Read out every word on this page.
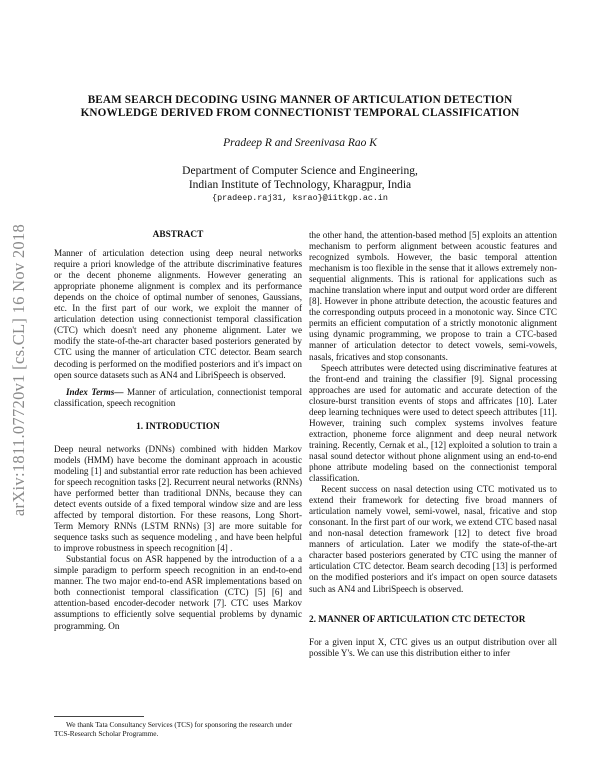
arXiv:1811.07720v1 [cs.CL] 16 Nov 2018
BEAM SEARCH DECODING USING MANNER OF ARTICULATION DETECTION
KNOWLEDGE DERIVED FROM CONNECTIONIST TEMPORAL CLASSIFICATION
Pradeep R and Sreenivasa Rao K
Department of Computer Science and Engineering,
Indian Institute of Technology, Kharagpur, India
{pradeep.raj31, ksrao}@iitkgp.ac.in
ABSTRACT

Manner of articulation detection using deep neural networks require a priori knowledge of the attribute discriminative features or the decent phoneme alignments. However generating an appropriate phoneme alignment is complex and its performance depends on the choice of optimal number of senones, Gaussians, etc. In the first part of our work, we exploit the manner of articulation detection using connectionist temporal classification (CTC) which doesn't need any phoneme alignment. Later we modify the state-of-the-art character based posteriors generated by CTC using the manner of articulation CTC detector. Beam search decoding is performed on the modified posteriors and it's impact on open source datasets such as AN4 and LibriSpeech is observed.

Index Terms— Manner of articulation, connectionist temporal classification, speech recognition

1. INTRODUCTION

Deep neural networks (DNNs) combined with hidden Markov models (HMM) have become the dominant approach in acoustic modeling [1] and substantial error rate reduction has been achieved for speech recognition tasks [2]. Recurrent neural networks (RNNs) have performed better than traditional DNNs, because they can detect events outside of a fixed temporal window size and are less affected by temporal distortion. For these reasons, Long Short-Term Memory RNNs (LSTM RNNs) [3] are more suitable for sequence tasks such as sequence modeling , and have been helpful to improve robustness in speech recognition [4] .

Substantial focus on ASR happened by the introduction of a a simple paradigm to perform speech recognition in an end-to-end manner. The two major end-to-end ASR implementations based on both connectionist temporal classification (CTC) [5] [6] and attention-based encoder-decoder network [7]. CTC uses Markov assumptions to efficiently solve sequential problems by dynamic programming. On

We thank Tata Consultancy Services (TCS) for sponsoring the research under TCS-Research Scholar Programme.

the other hand, the attention-based method [5] exploits an attention mechanism to perform alignment between acoustic features and recognized symbols. However, the basic temporal attention mechanism is too flexible in the sense that it allows extremely non-sequential alignments. This is rational for applications such as machine translation where input and output word order are different [8]. However in phone attribute detection, the acoustic features and the corresponding outputs proceed in a monotonic way. Since CTC permits an efficient computation of a strictly monotonic alignment using dynamic programming, we propose to train a CTC-based manner of articulation detector to detect vowels, semi-vowels, nasals, fricatives and stop consonants.

Speech attributes were detected using discriminative features at the front-end and training the classifier [9]. Signal processing approaches are used for automatic and accurate detection of the closure-burst transition events of stops and affricates [10]. Later deep learning techniques were used to detect speech attributes [11]. However, training such complex systems involves feature extraction, phoneme force alignment and deep neural network training. Recently, Cernak et al., [12] exploited a solution to train a nasal sound detector without phone alignment using an end-to-end phone attribute modeling based on the connectionist temporal classification.

Recent success on nasal detection using CTC motivated us to extend their framework for detecting five broad manners of articulation namely vowel, semi-vowel, nasal, fricative and stop consonant. In the first part of our work, we extend CTC based nasal and non-nasal detection framework [12] to detect five broad manners of articulation. Later we modify the state-of-the-art character based posteriors generated by CTC using the manner of articulation CTC detector. Beam search decoding [13] is performed on the modified posteriors and it's impact on open source datasets such as AN4 and LibriSpeech is observed.

2. MANNER OF ARTICULATION CTC DETECTOR

For a given input X, CTC gives us an output distribution over all possible Y's. We can use this distribution either to infer
